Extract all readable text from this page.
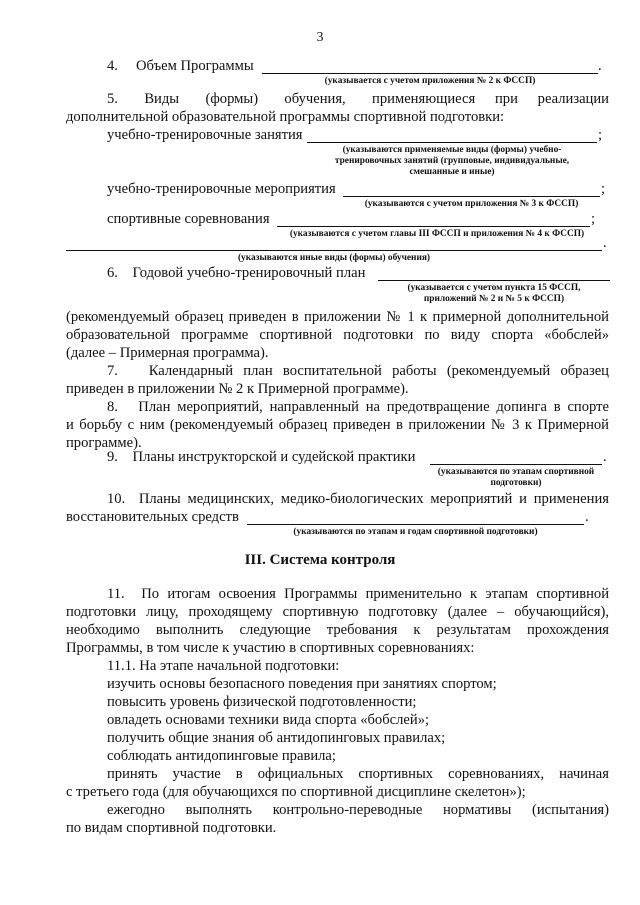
3
4. Объем Программы	.
(указывается с учетом приложения № 2 к ФССП)
5.    Виды    (формы)    обучения,    применяющиеся   при   реализации
дополнительной образовательной программы спортивной подготовки:
учебно-тренировочные занятия	;
(указываются применяемые виды (формы) учебно-
тренировочных занятий (групповые, индивидуальные,
смешанные и иные)
учебно-тренировочные мероприятия	;
(указываются с учетом приложения № 3 к ФССП)
спортивные соревнования	;
(указываются с учетом главы III ФССП и приложения № 4 к ФССП)
.
(указываются иные виды (формы) обучения)
6.    Годовой учебно-тренировочный план
(указывается с учетом пункта 15 ФССП,
приложений № 2 и № 5 к ФССП)
(рекомендуемый образец приведен в приложении № 1 к примерной дополнительной
образовательной программе спортивной подготовки по виду спорта «бобслей»
(далее – Примерная программа).
7.   Календарный план воспитательной работы (рекомендуемый образец
приведен в приложении № 2 к Примерной программе).
8.   План мероприятий, направленный на предотвращение допинга в спорте
и борьбу с ним (рекомендуемый образец приведен в приложении № 3 к Примерной
программе).
9.    Планы инструкторской и судейской практики	.
(указываются по этапам спортивной
подготовки)
10.  Планы медицинских, медико-биологических мероприятий и применения
восстановительных средств	.
(указываются по этапам и годам спортивной подготовки)
III. Система контроля
11.  По итогам освоения Программы применительно к этапам спортивной
подготовки лицу, проходящему спортивную подготовку (далее – обучающийся),
необходимо выполнить следующие требования к результатам прохождения
Программы, в том числе к участию в спортивных соревнованиях:
11.1. На этапе начальной подготовки:
изучить основы безопасного поведения при занятиях спортом;
повысить уровень физической подготовленности;
овладеть основами техники вида спорта «бобслей»;
получить общие знания об антидопинговых правилах;
соблюдать антидопинговые правила;
принять   участие   в   официальных   спортивных   соревнованиях,   начиная
с третьего года (для обучающихся по спортивной дисциплине скелетон»);
ежегодно     выполнять     контрольно-переводные     нормативы     (испытания)
по видам спортивной подготовки.
